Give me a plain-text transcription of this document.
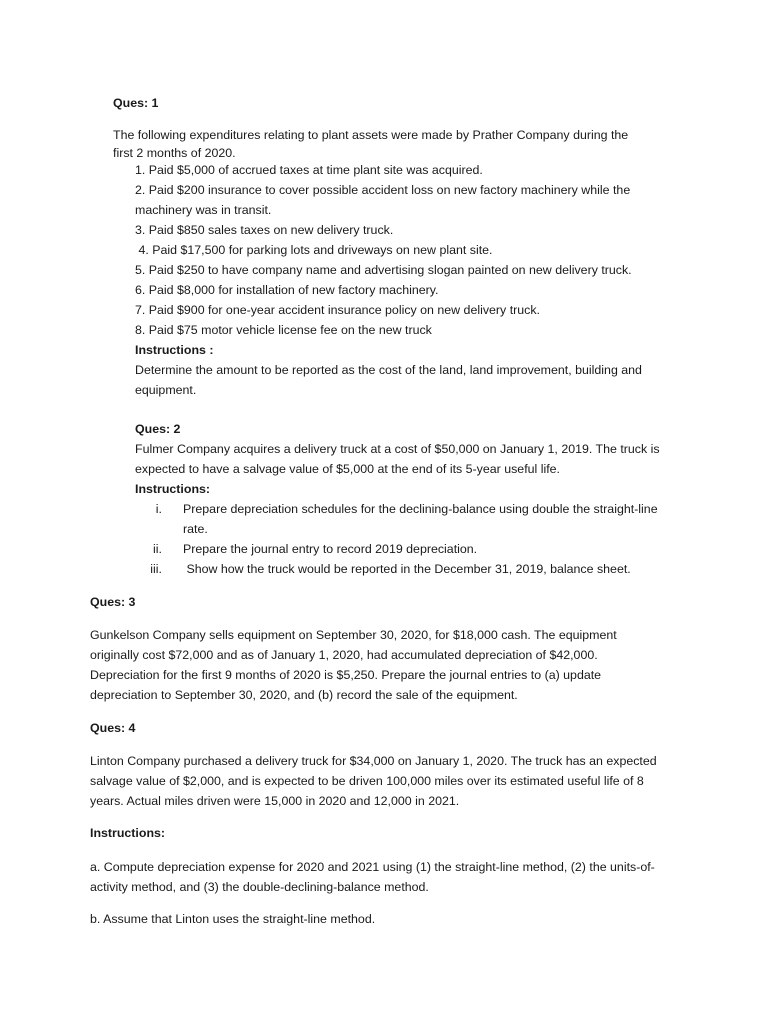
Ques: 1
The following expenditures relating to plant assets were made by Prather Company during the
first 2 months of 2020.
1. Paid $5,000 of accrued taxes at time plant site was acquired.
2. Paid $200 insurance to cover possible accident loss on new factory machinery while the
machinery was in transit.
3. Paid $850 sales taxes on new delivery truck.
4. Paid $17,500 for parking lots and driveways on new plant site.
5. Paid $250 to have company name and advertising slogan painted on new delivery truck.
6. Paid $8,000 for installation of new factory machinery.
7. Paid $900 for one-year accident insurance policy on new delivery truck.
8. Paid $75 motor vehicle license fee on the new truck
Instructions :
Determine the amount to be reported as the cost of the land, land improvement, building and
equipment.
Ques: 2
Fulmer Company acquires a delivery truck at a cost of $50,000 on January 1, 2019. The truck is
expected to have a salvage value of $5,000 at the end of its 5-year useful life.
Instructions:
i. Prepare depreciation schedules for the declining-balance using double the straight-line
rate.
ii. Prepare the journal entry to record 2019 depreciation.
iii. Show how the truck would be reported in the December 31, 2019, balance sheet.
Ques: 3
Gunkelson Company sells equipment on September 30, 2020, for $18,000 cash. The equipment
originally cost $72,000 and as of January 1, 2020, had accumulated depreciation of $42,000.
Depreciation for the first 9 months of 2020 is $5,250. Prepare the journal entries to (a) update
depreciation to September 30, 2020, and (b) record the sale of the equipment.
Ques: 4
Linton Company purchased a delivery truck for $34,000 on January 1, 2020. The truck has an expected
salvage value of $2,000, and is expected to be driven 100,000 miles over its estimated useful life of 8
years. Actual miles driven were 15,000 in 2020 and 12,000 in 2021.
Instructions:
a. Compute depreciation expense for 2020 and 2021 using (1) the straight-line method, (2) the units-of-
activity method, and (3) the double-declining-balance method.
b. Assume that Linton uses the straight-line method.
